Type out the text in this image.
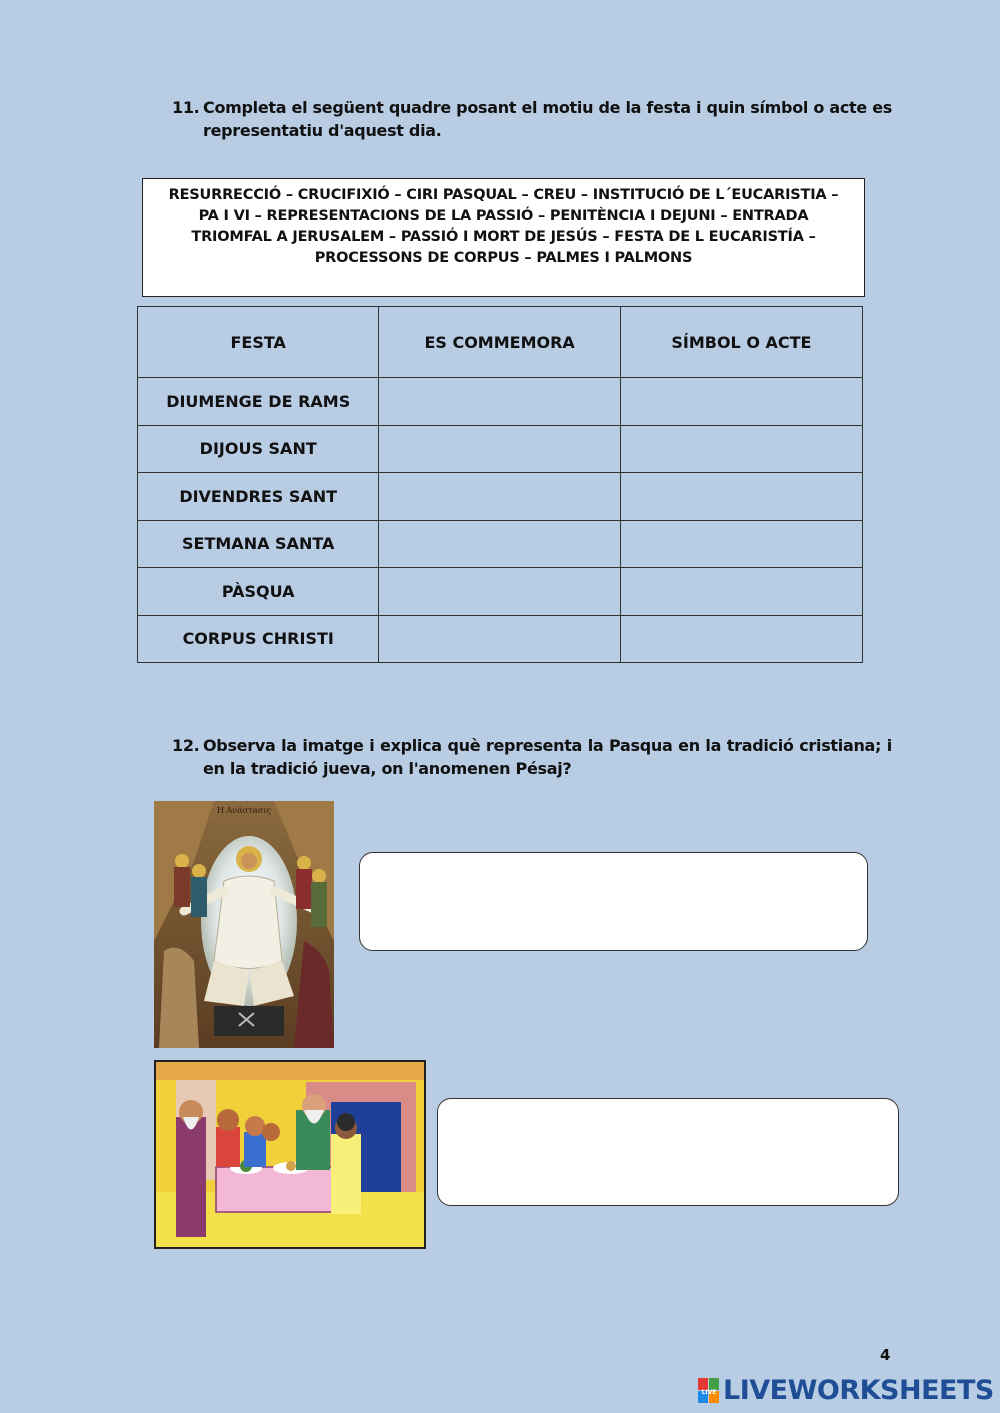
11. Completa el següent quadre posant el motiu de la festa i quin símbol o acte es representatiu d'aquest dia.
RESURRECCIÓ – CRUCIFIXIÓ – CIRI PASQUAL – CREU – INSTITUCIÓ DE L´EUCARISTIA – PA I VI – REPRESENTACIONS DE LA PASSIÓ – PENITÈNCIA I DEJUNI – ENTRADA TRIOMFAL A JERUSALEM – PASSIÓ I MORT DE JESÚS – FESTA DE L EUCARISTÍA – PROCESSONS DE CORPUS – PALMES I PALMONS
FESTA	ES COMMEMORA	SÍMBOL O ACTE
DIUMENGE DE RAMS		
DIJOUS SANT		
DIVENDRES SANT		
SETMANA SANTA		
PÀSQUA		
CORPUS CHRISTI		
12. Observa la imatge i explica què representa la Pasqua en la tradició cristiana; i en la tradició jueva, on l'anomenen Pésaj?
Η Ανάστασις
4
LIVE LIVEWORKSHEETS
